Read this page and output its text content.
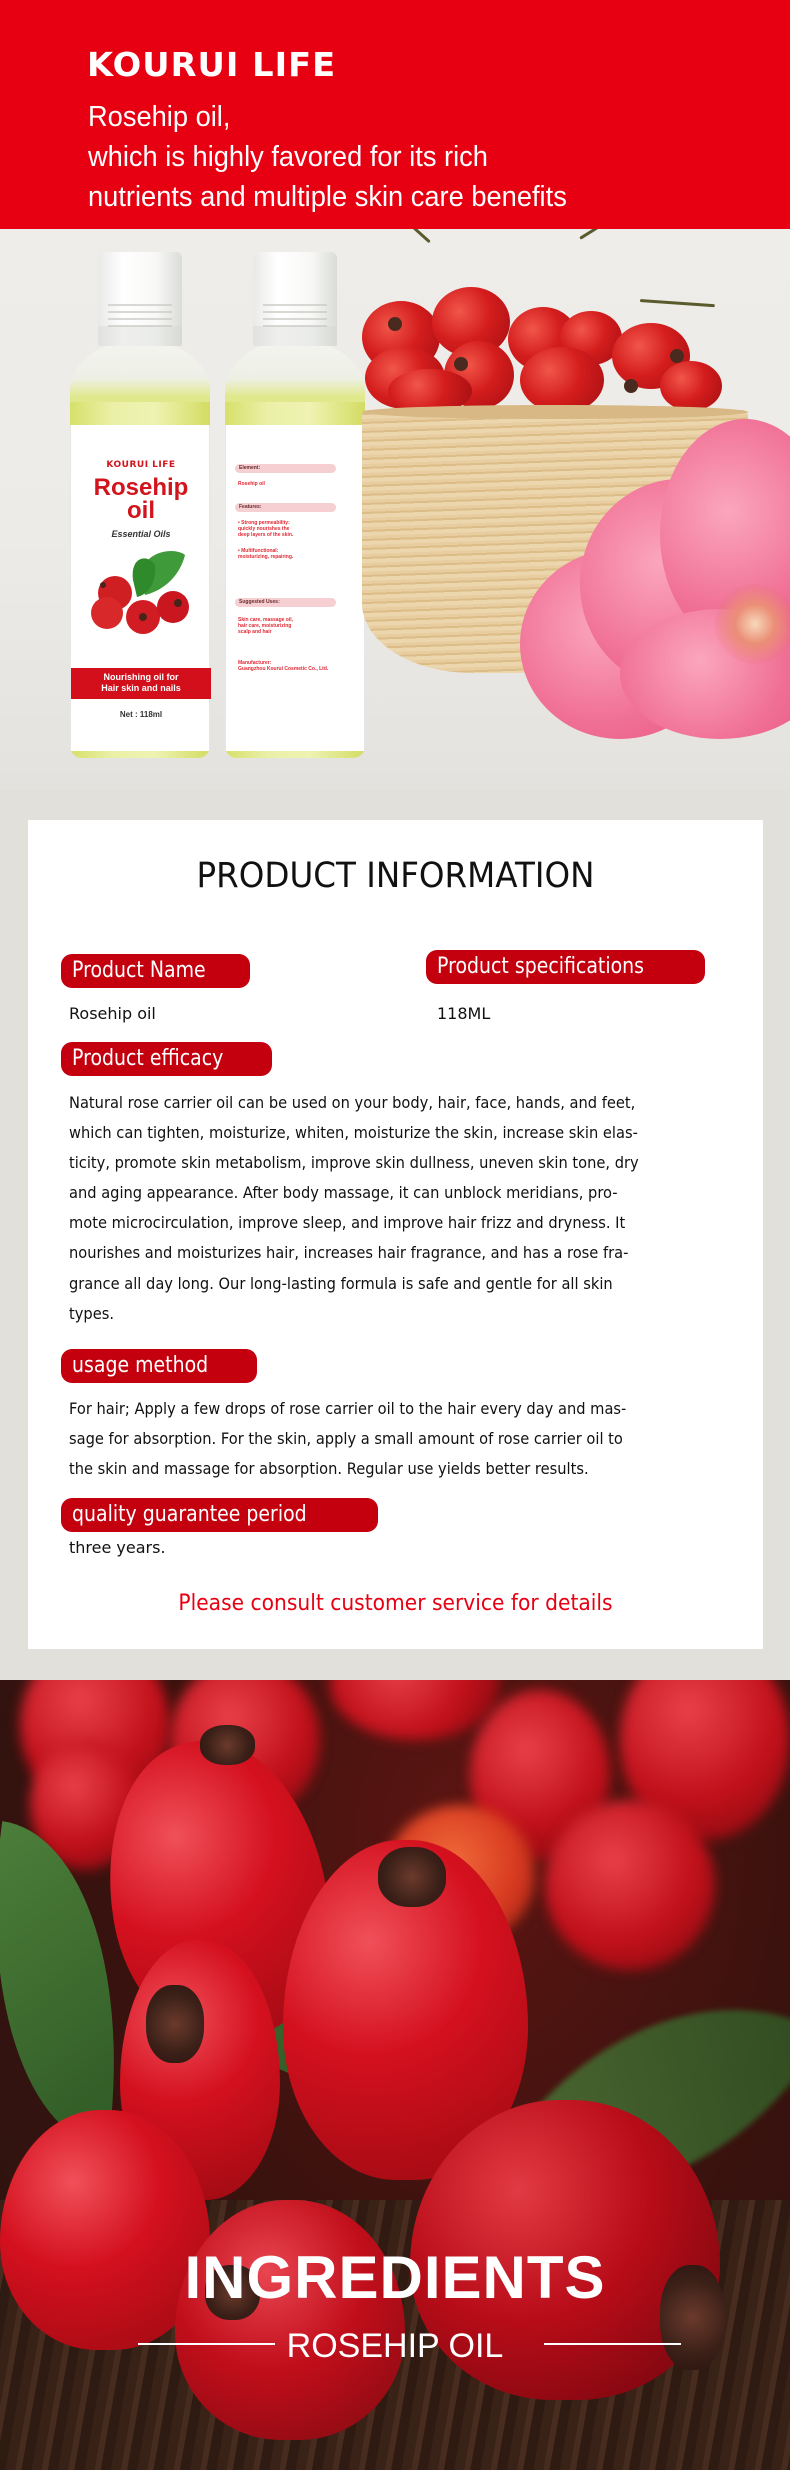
KOURUI LIFE
Rosehip oil,
which is highly favored for its rich
nutrients and multiple skin care benefits
KOURUI LIFE
Rosehip
oil
Essential Oils
Nourishing oil for
Hair skin and nails
Net : 118ml
Element:
Rosehip oil
Features:
• Strong permeability:
quickly nourishes the
deep layers of the skin.
• Multifunctional:
moisturizing, repairing.
Suggested Uses：
Skin care, massage oil,
hair care, moisturizing
scalp and hair
Manufacturer:
Guangzhou Kourui Cosmetic Co., Ltd.
PRODUCT INFORMATION
Product Name
Rosehip oil
Product specifications
118ML
Product efficacy
Natural rose carrier oil can be used on your body, hair, face, hands, and feet,
which can tighten, moisturize, whiten, moisturize the skin, increase skin elas-
ticity, promote skin metabolism, improve skin dullness, uneven skin tone, dry
and aging appearance. After body massage, it can unblock meridians, pro-
mote microcirculation, improve sleep, and improve hair frizz and dryness. It
nourishes and moisturizes hair, increases hair fragrance, and has a rose fra-
grance all day long. Our long-lasting formula is safe and gentle for all skin
types.
usage method
For hair; Apply a few drops of rose carrier oil to the hair every day and mas-
sage for absorption. For the skin, apply a small amount of rose carrier oil to
the skin and massage for absorption. Regular use yields better results.
quality guarantee period
three years.
Please consult customer service for details
INGREDIENTS
ROSEHIP OIL
